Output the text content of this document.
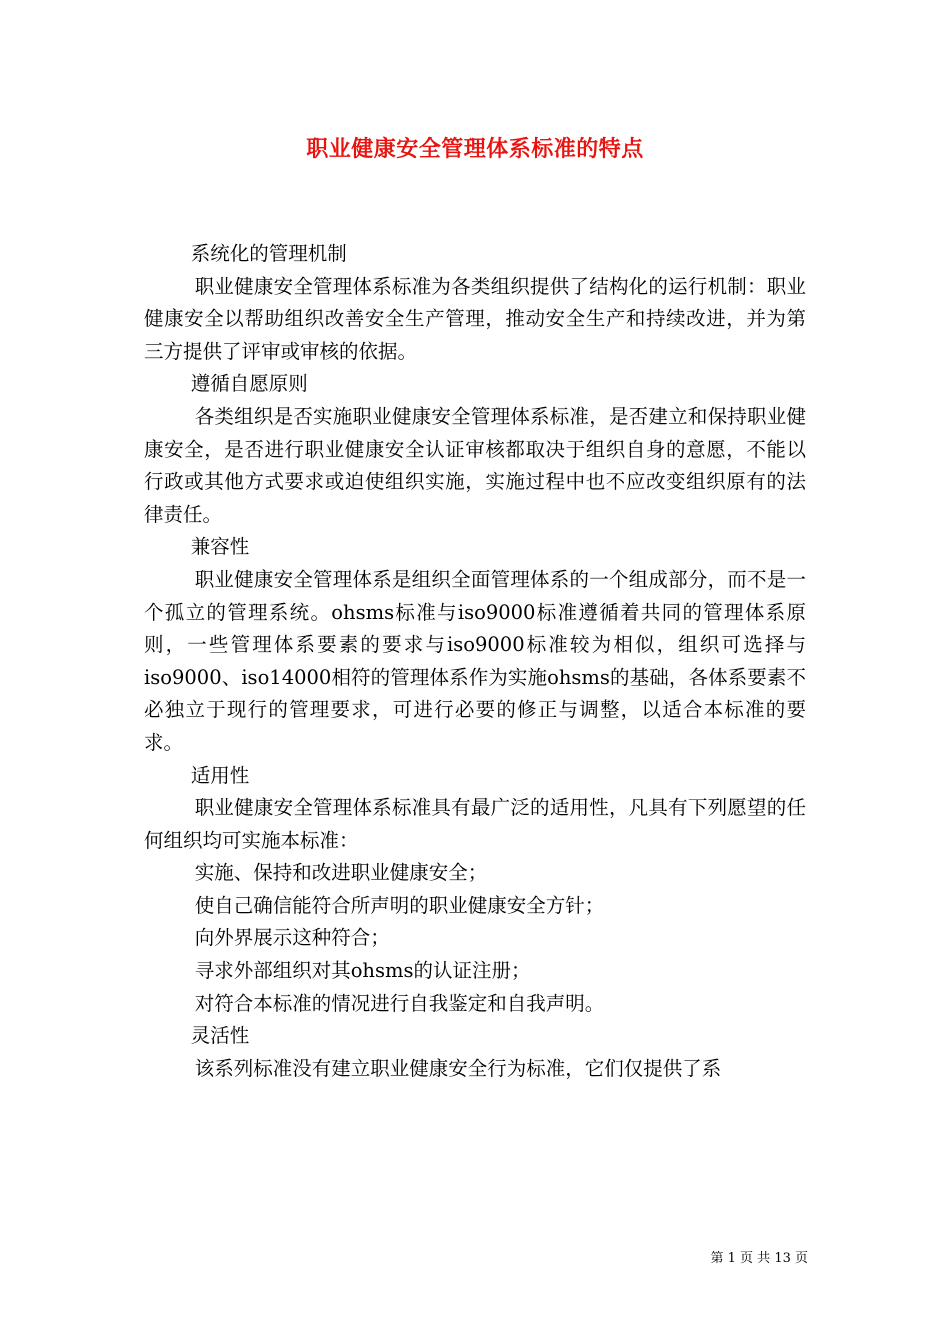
职业健康安全管理体系标准的特点

系统化的管理机制

职业健康安全管理体系标准为各类组织提供了结构化的运行机制：职业健康安全以帮助组织改善安全生产管理，推动安全生产和持续改进，并为第三方提供了评审或审核的依据。

遵循自愿原则

各类组织是否实施职业健康安全管理体系标准，是否建立和保持职业健康安全，是否进行职业健康安全认证审核都取决于组织自身的意愿，不能以行政或其他方式要求或迫使组织实施，实施过程中也不应改变组织原有的法律责任。

兼容性

职业健康安全管理体系是组织全面管理体系的一个组成部分，而不是一个孤立的管理系统。ohsms标准与iso9000标准遵循着共同的管理体系原则，一些管理体系要素的要求与iso9000标准较为相似，组织可选择与iso9000、iso14000相符的管理体系作为实施ohsms的基础，各体系要素不必独立于现行的管理要求，可进行必要的修正与调整，以适合本标准的要求。

适用性

职业健康安全管理体系标准具有最广泛的适用性，凡具有下列愿望的任何组织均可实施本标准：

实施、保持和改进职业健康安全；

使自己确信能符合所声明的职业健康安全方针；

向外界展示这种符合；

寻求外部组织对其ohsms的认证注册；

对符合本标准的情况进行自我鉴定和自我声明。

灵活性

该系列标准没有建立职业健康安全行为标准，它们仅提供了系

第 1 页 共 13 页
